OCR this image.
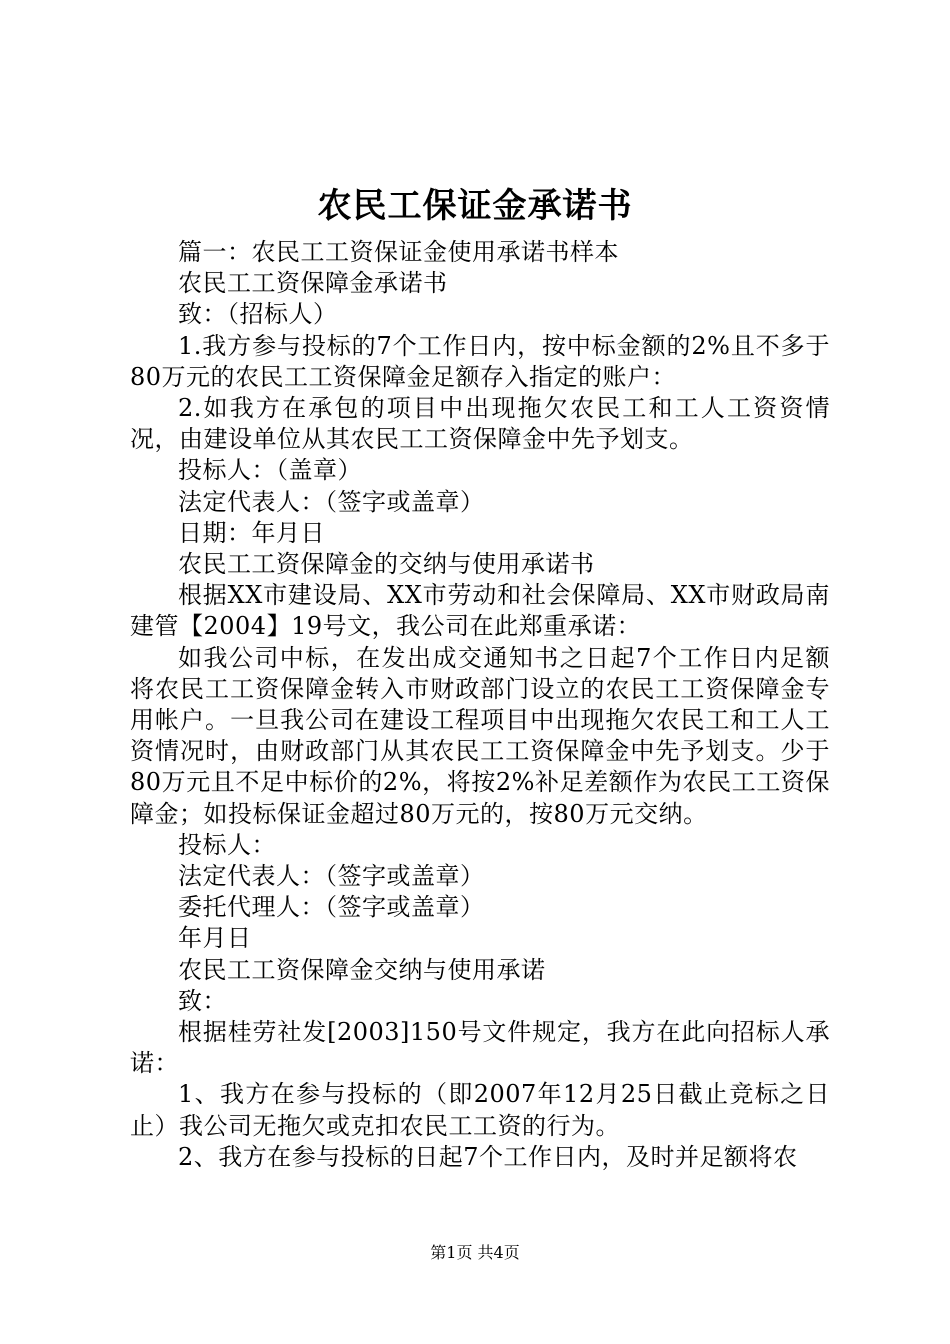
农民工保证金承诺书

篇一：农民工工资保证金使用承诺书样本

农民工工资保障金承诺书

致：（招标人）

1.我方参与投标的7个工作日内，按中标金额的2%且不多于80万元的农民工工资保障金足额存入指定的账户：

2.如我方在承包的项目中出现拖欠农民工和工人工资资情况，由建设单位从其农民工工资保障金中先予划支。

投标人：（盖章）

法定代表人：（签字或盖章）

日期：年月日

农民工工资保障金的交纳与使用承诺书

根据XX市建设局、XX市劳动和社会保障局、XX市财政局南建管【2004】19号文，我公司在此郑重承诺：

如我公司中标，在发出成交通知书之日起7个工作日内足额将农民工工资保障金转入市财政部门设立的农民工工资保障金专用帐户。一旦我公司在建设工程项目中出现拖欠农民工和工人工资情况时，由财政部门从其农民工工资保障金中先予划支。少于80万元且不足中标价的2%，将按2%补足差额作为农民工工资保障金；如投标保证金超过80万元的，按80万元交纳。

投标人：

法定代表人：（签字或盖章）

委托代理人：（签字或盖章）

年月日

农民工工资保障金交纳与使用承诺

致：

根据桂劳社发[2003]150号文件规定，我方在此向招标人承诺：

1、我方在参与投标的（即2007年12月25日截止竞标之日止）我公司无拖欠或克扣农民工工资的行为。

2、我方在参与投标的日起7个工作日内，及时并足额将农

第1页 共4页
